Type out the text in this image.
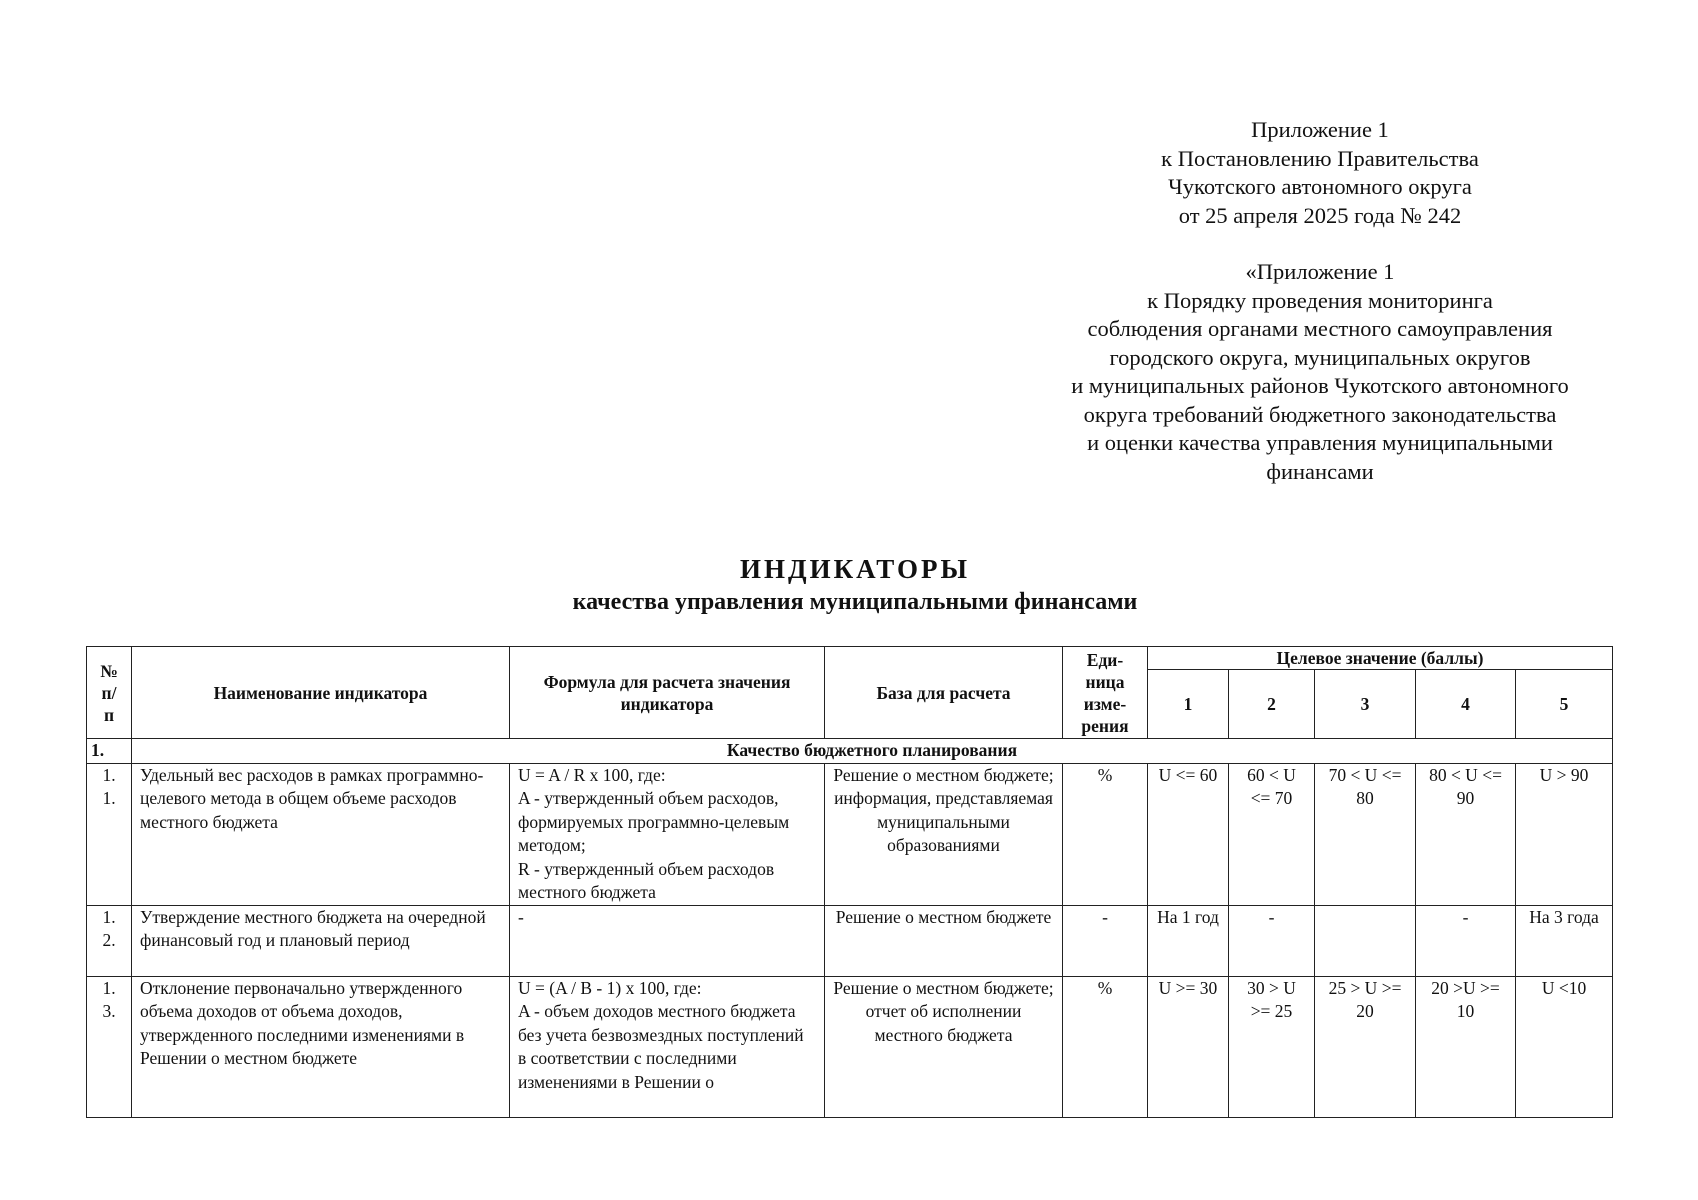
Приложение 1
к Постановлению Правительства
Чукотского автономного округа
от 25 апреля 2025 года № 242
«Приложение 1
к Порядку проведения мониторинга
соблюдения органами местного самоуправления
городского округа, муниципальных округов
и муниципальных районов Чукотского автономного
округа требований бюджетного законодательства
и оценки качества управления муниципальными
финансами
ИНДИКАТОРЫ
качества управления муниципальными финансами
№
п/
п	Наименование индикатора	Формула для расчета значения индикатора	База для расчета	Еди-
ница
изме-
рения	Целевое значение (баллы)				
					1	2	3	4	5
1.	Качество бюджетного планирования								

1.
1.	Удельный вес расходов в рамках программно-целевого метода в общем объеме расходов местного бюджета	U = A / R x 100, где:
A - утвержденный объем расходов, формируемых программно-целевым методом;
R - утвержденный объем расходов местного бюджета	Решение о местном бюджете; информация, представляемая муниципальными образованиями	%	U <= 60	60 < U <= 70	70 < U <= 80	80 < U <= 90	U > 90

1.
2.	Утверждение местного бюджета на очередной финансовый год и плановый период	-	Решение о местном бюджете	-	На 1 год	-		-	На 3 года

1.
3.	Отклонение первоначально утвержденного объема доходов от объема доходов, утвержденного последними изменениями в Решении о местном бюджете	U = (A / B - 1) x 100, где:
A - объем доходов местного бюджета без учета безвозмездных поступлений в соответствии с последними изменениями в Решении о	Решение о местном бюджете; отчет об исполнении местного бюджета	%	U >= 30	30 > U >= 25	25 > U >= 20	20 >U >= 10	U <10
